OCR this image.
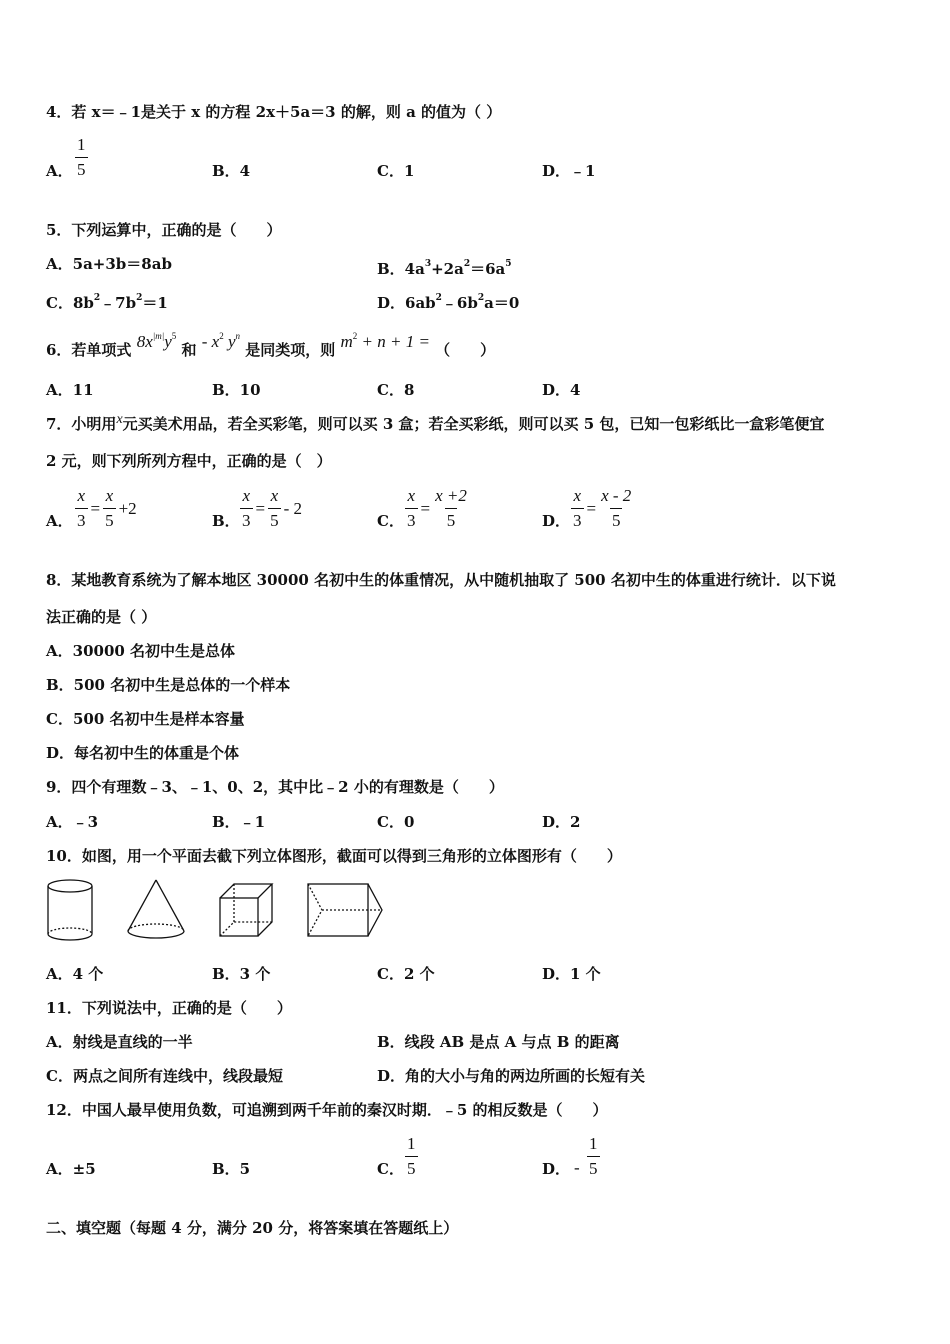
4．若 x＝﹣1是关于 x 的方程 2x＋5a＝3 的解，则 a 的值为（ ）
A． $\frac{1}{5}$	B．4	C．1	D．﹣1
5．下列运算中，正确的是（　　）
A．5a+3b＝8ab	B．$4a^3+2a^2=6a^5$
C．$8b^2﹣7b^2=1$	D．$6ab^2﹣6b^2a=0$
6．若单项式 $8x^{|m|}y^5$ 和 - $x^2$ $y^n$ 是同类项，则 $m^2 + n + 1$ = （　　）
A．11	B．10	C．8	D．4
7．小明用x元买美术用品，若全买彩笔，则可以买 3 盒；若全买彩纸，则可以买 5 包，已知一包彩纸比一盒彩笔便宜
2 元，则下列所列方程中，正确的是（　）
A． $\frac{x}{3} = \frac{x}{5} +2$
B． $\frac{x}{3} = \frac{x}{5} - 2$
C． $\frac{x}{3} = \frac{x +2}{5}$	D． $\frac{x}{3} = \frac{x - 2}{5}$
8．某地教育系统为了解本地区 30000 名初中生的体重情况，从中随机抽取了 500 名初中生的体重进行统计．以下说
法正确的是（ ）
A．30000 名初中生是总体
B．500 名初中生是总体的一个样本
C．500 名初中生是样本容量
D．每名初中生的体重是个体
9．四个有理数﹣3、﹣1、0、2，其中比﹣2 小的有理数是（　　）
A．﹣3	B．﹣1	C．0	D．2
10．如图，用一个平面去截下列立体图形，截面可以得到三角形的立体图形有（　　）
A．4 个	B．3 个	C．2 个	D．1 个
11．下列说法中，正确的是（　　）
A．射线是直线的一半	B．线段 AB 是点 A 与点 B 的距离
C．两点之间所有连线中，线段最短	D．角的大小与角的两边所画的长短有关
12．中国人最早使用负数，可追溯到两千年前的秦汉时期．﹣5 的相反数是（　　）
A．±5	B．5	C． $\frac{1}{5}$	D． - $\frac{1}{5}$
二、填空题（每题 4 分，满分 20 分，将答案填在答题纸上）
